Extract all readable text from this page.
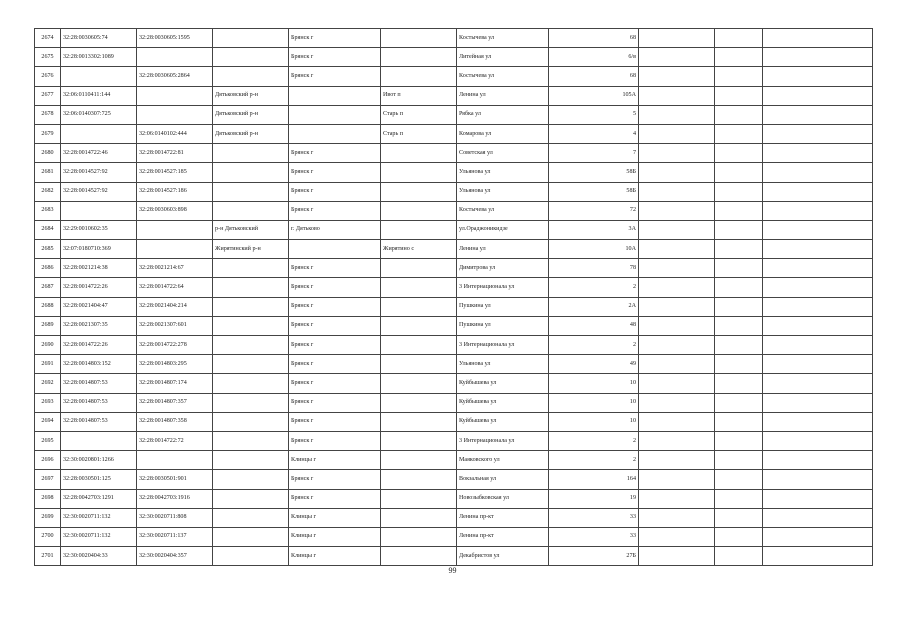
2674	32:28:0030605:74	32:28:0030605:1595		Брянск г		Костычева ул	68			
2675	32:28:0013302:1089			Брянск г		Литейная ул	6/в			
2676		32:28:0030605:2864		Брянск г		Костычева ул	68			
2677	32:06:0110411:144		Дятьковский р-н		Ивот п	Ленина ул	105А			
2678	32:06:0140307:725		Дятьковский р-н		Старь п	Рябка ул	5			
2679		32:06:0140102:444	Дятьковский р-н		Старь п	Комарова ул	4			
2680	32:28:0014722:46	32:28:0014722:81		Брянск г		Советская ул	7			
2681	32:28:0014527:92	32:28:0014527:185		Брянск г		Ульянова ул	58Б			
2682	32:28:0014527:92	32:28:0014527:186		Брянск г		Ульянова ул	58Б			
2683		32:28:0030603:898		Брянск г		Костычева ул	72			
2684	32:29:0010602:35		р-н Дятьковский	г. Дятьково		ул.Ораджоникидзе	3А			
2685	32:07:0180710:369		Жирятинский р-н		Жирятино с	Ленина ул	10А			
2686	32:28:0021214:38	32:28:0021214:67		Брянск г		Димитрова ул	78			
2687	32:28:0014722:26	32:28:0014722:64		Брянск г		3 Интернационала ул	2			
2688	32:28:0021404:47	32:28:0021404:214		Брянск г		Пушкина ул	2А			
2689	32:28:0021307:35	32:28:0021307:601		Брянск г		Пушкина ул	48			
2690	32:28:0014722:26	32:28:0014722:278		Брянск г		3 Интернационала ул	2			
2691	32:28:0014803:152	32:28:0014803:295		Брянск г		Ульянова ул	49			
2692	32:28:0014807:53	32:28:0014807:174		Брянск г		Куйбышева ул	10			
2693	32:28:0014807:53	32:28:0014807:357		Брянск г		Куйбышева ул	10			
2694	32:28:0014807:53	32:28:0014807:358		Брянск г		Куйбышева ул	10			
2695		32:28:0014722:72		Брянск г		3 Интернационала ул	2			
2696	32:30:0020801:1266			Клинцы г		Маяковского ул	2			
2697	32:28:0030501:125	32:28:0030501:901		Брянск г		Вокзальная ул	164			
2698	32:28:0042703:1291	32:28:0042703:1916		Брянск г		Новозыбковская ул	19			
2699	32:30:0020711:132	32:30:0020711:808		Клинцы г		Ленина пр-кт	33			
2700	32:30:0020711:132	32:30:0020711:137		Клинцы г		Ленина пр-кт	33			
2701	32:30:0020404:33	32:30:0020404:357		Клинцы г		Декабристов ул	27Б			
99
